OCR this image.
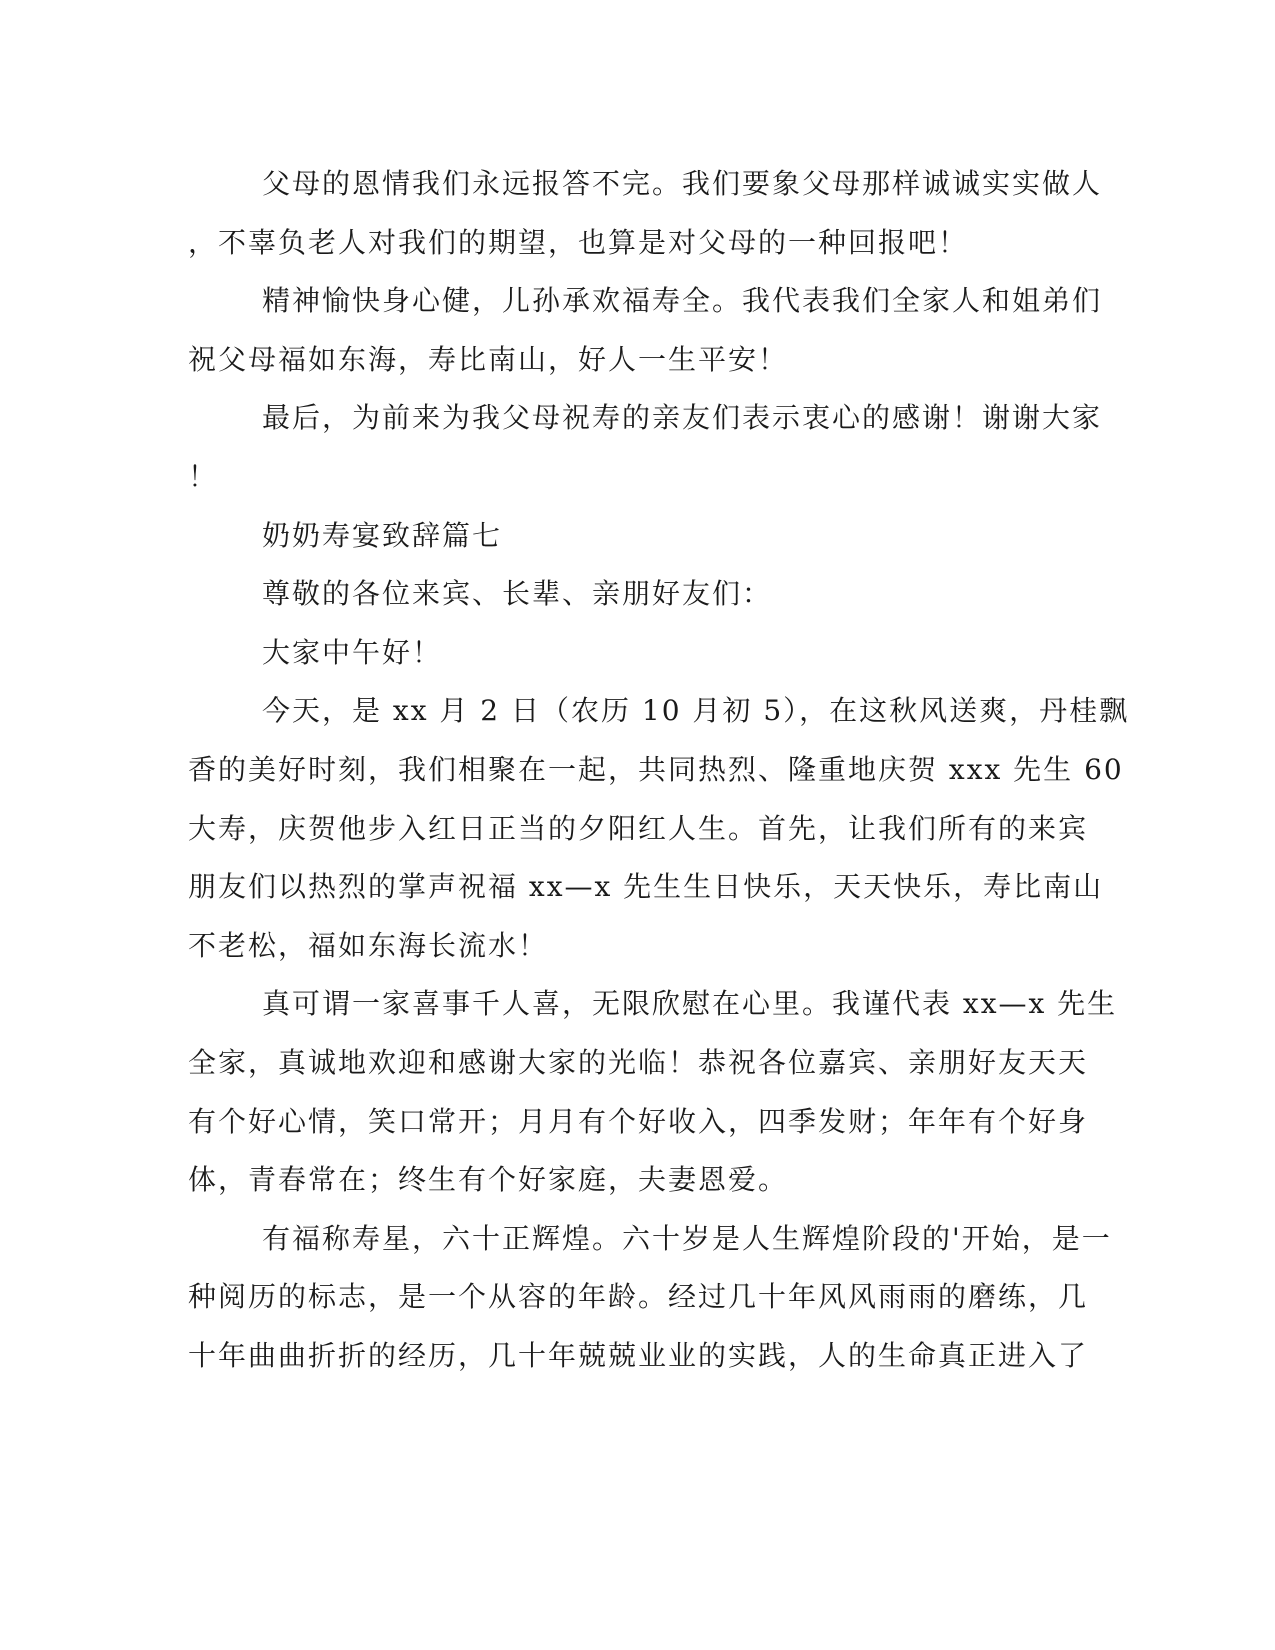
父母的恩情我们永远报答不完。我们要象父母那样诚诚实实做人
，不辜负老人对我们的期望，也算是对父母的一种回报吧！
精神愉快身心健，儿孙承欢福寿全。我代表我们全家人和姐弟们
祝父母福如东海，寿比南山，好人一生平安！
最后，为前来为我父母祝寿的亲友们表示衷心的感谢！谢谢大家
！
奶奶寿宴致辞篇七
尊敬的各位来宾、长辈、亲朋好友们：
大家中午好！
今天，是 xx 月 2 日（农历 10 月初 5），在这秋风送爽，丹桂飘
香的美好时刻，我们相聚在一起，共同热烈、隆重地庆贺 xxx 先生 60
大寿，庆贺他步入红日正当的夕阳红人生。首先，让我们所有的来宾
朋友们以热烈的掌声祝福 xx—x 先生生日快乐，天天快乐，寿比南山
不老松，福如东海长流水！
真可谓一家喜事千人喜，无限欣慰在心里。我谨代表 xx—x 先生
全家，真诚地欢迎和感谢大家的光临！恭祝各位嘉宾、亲朋好友天天
有个好心情，笑口常开；月月有个好收入，四季发财；年年有个好身
体，青春常在；终生有个好家庭，夫妻恩爱。
有福称寿星，六十正辉煌。六十岁是人生辉煌阶段的'开始，是一
种阅历的标志，是一个从容的年龄。经过几十年风风雨雨的磨练，几
十年曲曲折折的经历，几十年兢兢业业的实践，人的生命真正进入了
